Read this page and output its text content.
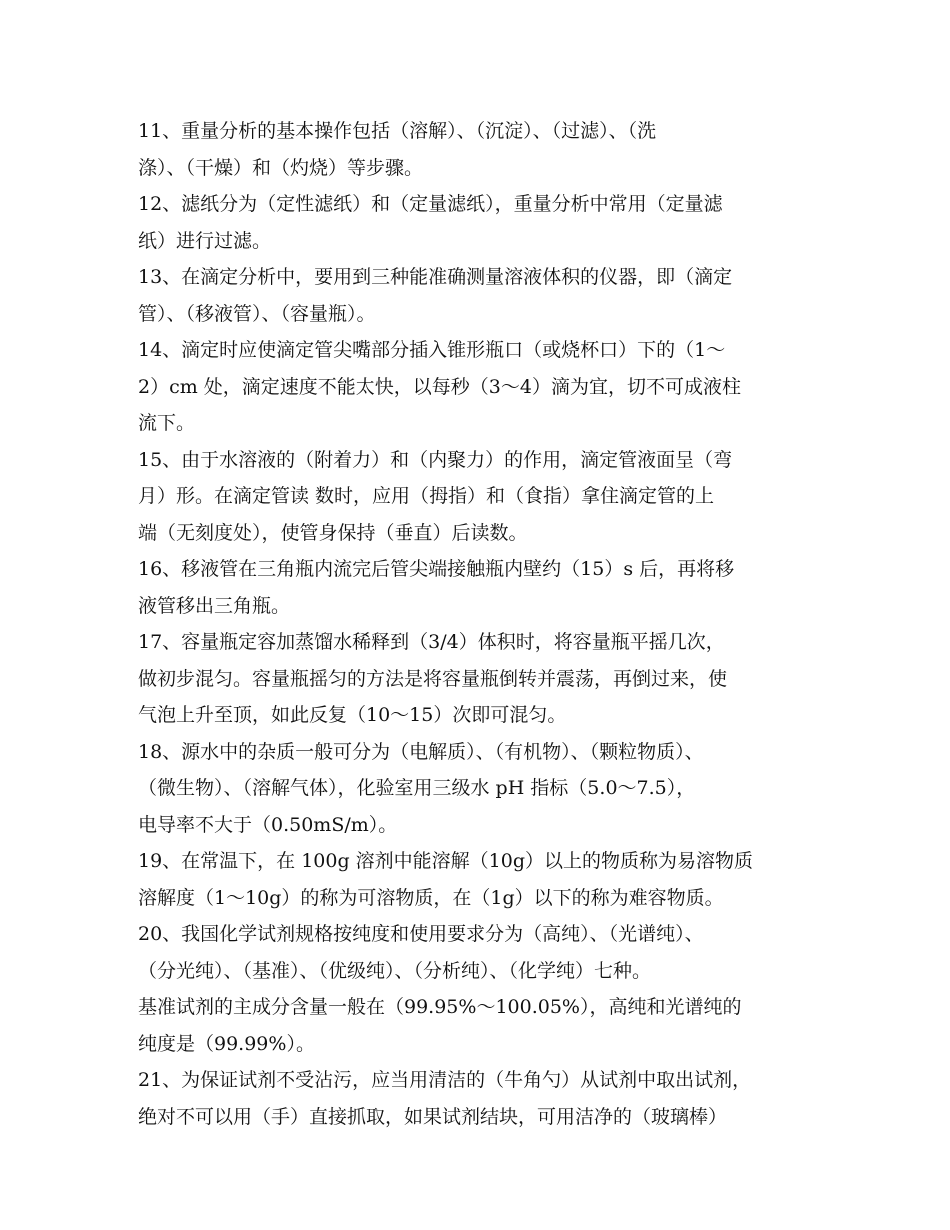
11、重量分析的基本操作包括（溶解）、（沉淀）、（过滤）、（洗
涤）、（干燥）和（灼烧）等步骤。

12、滤纸分为（定性滤纸）和（定量滤纸），重量分析中常用（定量滤
纸）进行过滤。

13、在滴定分析中，要用到三种能准确测量溶液体积的仪器，即（滴定
管）、（移液管）、（容量瓶）。

14、滴定时应使滴定管尖嘴部分插入锥形瓶口（或烧杯口）下的（1～
2）cm 处，滴定速度不能太快，以每秒（3～4）滴为宜，切不可成液柱
流下。

15、由于水溶液的（附着力）和（内聚力）的作用，滴定管液面呈（弯
月）形。在滴定管读 数时，应用（拇指）和（食指）拿住滴定管的上
端（无刻度处），使管身保持（垂直）后读数。

16、移液管在三角瓶内流完后管尖端接触瓶内壁约（15）s 后，再将移
液管移出三角瓶。

17、容量瓶定容加蒸馏水稀释到（3/4）体积时，将容量瓶平摇几次，
做初步混匀。容量瓶摇匀的方法是将容量瓶倒转并震荡，再倒过来，使
气泡上升至顶，如此反复（10～15）次即可混匀。

18、源水中的杂质一般可分为（电解质）、（有机物）、（颗粒物质）、
（微生物）、（溶解气体），化验室用三级水 pH 指标（5.0～7.5），
电导率不大于（0.50mS/m）。

19、在常温下，在 100g 溶剂中能溶解（10g）以上的物质称为易溶物质
溶解度（1～10g）的称为可溶物质，在（1g）以下的称为难容物质。

20、我国化学试剂规格按纯度和使用要求分为（高纯）、（光谱纯）、
（分光纯）、（基准）、（优级纯）、（分析纯）、（化学纯）七种。
基准试剂的主成分含量一般在（99.95%～100.05%），高纯和光谱纯的
纯度是（99.99%）。

21、为保证试剂不受沾污，应当用清洁的（牛角勺）从试剂中取出试剂，
绝对不可以用（手）直接抓取，如果试剂结块，可用洁净的（玻璃棒）
